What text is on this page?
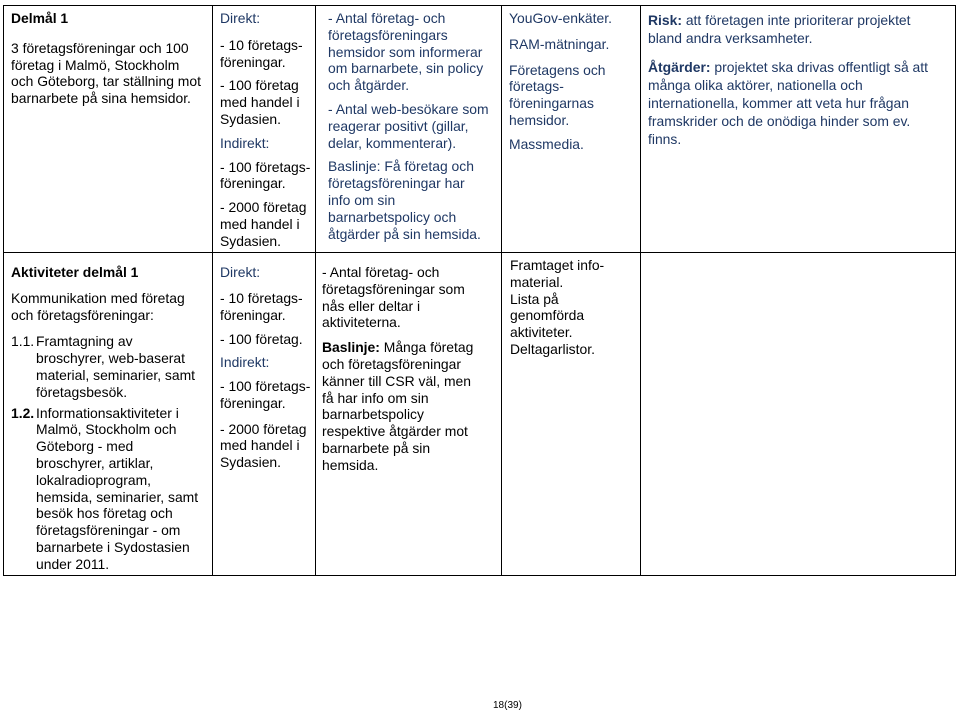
Delmål 1
3 företagsföreningar och 100
företag i Malmö, Stockholm
och Göteborg, tar ställning mot
barnarbete på sina hemsidor.
Direkt:
- 10 företags-
föreningar.
- 100 företag
med handel i
Sydasien.
Indirekt:
- 100 företags-
föreningar.
- 2000 företag
med handel i
Sydasien.
- Antal företag- och
företagsföreningars
hemsidor som informerar
om barnarbete, sin policy
och åtgärder.
- Antal web-besökare som
reagerar positivt (gillar,
delar, kommenterar).
Baslinje: Få företag och
företagsföreningar har
info om sin
barnarbetspolicy och
åtgärder på sin hemsida.
YouGov-enkäter.
RAM-mätningar.
Företagens och
företags-
föreningarnas
hemsidor.
Massmedia.
Risk: att företagen inte prioriterar projektet
bland andra verksamheter.
Åtgärder: projektet ska drivas offentligt så att
många olika aktörer, nationella och
internationella, kommer att veta hur frågan
framskrider och de onödiga hinder som ev.
finns.
Aktiviteter delmål 1
Kommunikation med företag
och företagsföreningar:
1.1. Framtagning av
broschyrer, web-baserat
material, seminarier, samt
företagsbesök.
1.2. Informationsaktiviteter i
Malmö, Stockholm och
Göteborg - med
broschyrer, artiklar,
lokalradioprogram,
hemsida, seminarier, samt
besök hos företag och
företagsföreningar - om
barnarbete i Sydostasien
under 2011.
Direkt:
- 10 företags-
föreningar.
- 100 företag.
Indirekt:
- 100 företags-
föreningar.
- 2000 företag
med handel i
Sydasien.
- Antal företag- och
företagsföreningar som
nås eller deltar i
aktiviteterna.
Baslinje: Många företag
och företagsföreningar
känner till CSR väl, men
få har info om sin
barnarbetspolicy
respektive åtgärder mot
barnarbete på sin
hemsida.
Framtaget info-
material.
Lista på
genomförda
aktiviteter.
Deltagarlistor.
18(39)
